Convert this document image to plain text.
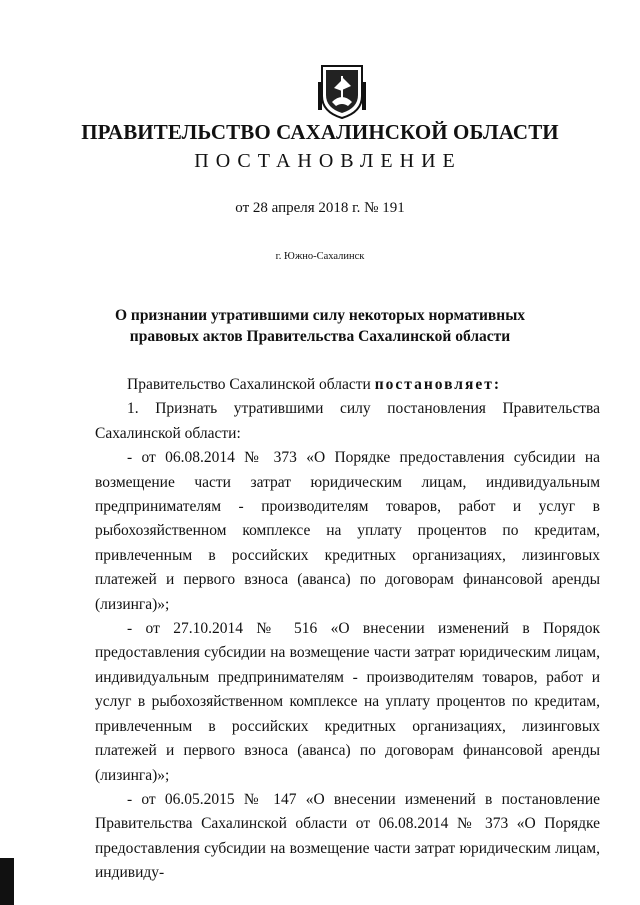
ПРАВИТЕЛЬСТВО САХАЛИНСКОЙ ОБЛАСТИ
ПОСТАНОВЛЕНИЕ
от 28 апреля 2018 г. № 191
г. Южно-Сахалинск
О признании утратившими силу некоторых нормативных
правовых актов Правительства Сахалинской области

Правительство Сахалинской области постановляет:

1. Признать утратившими силу постановления Правительства Сахалинской области:

- от 06.08.2014 № 373 «О Порядке предоставления субсидии на возмещение части затрат юридическим лицам, индивидуальным предпринимателям - производителям товаров, работ и услуг в рыбохозяйственном комплексе на уплату процентов по кредитам, привлеченным в российских кредитных организациях, лизинговых платежей и первого взноса (аванса) по договорам финансовой аренды (лизинга)»;

- от 27.10.2014 № 516 «О внесении изменений в Порядок предоставления субсидии на возмещение части затрат юридическим лицам, индивидуальным предпринимателям - производителям товаров, работ и услуг в рыбохозяйственном комплексе на уплату процентов по кредитам, привлеченным в российских кредитных организациях, лизинговых платежей и первого взноса (аванса) по договорам финансовой аренды (лизинга)»;

- от 06.05.2015 № 147 «О внесении изменений в постановление Правительства Сахалинской области от 06.08.2014 № 373 «О Порядке предоставления субсидии на возмещение части затрат юридическим лицам, индивиду-
